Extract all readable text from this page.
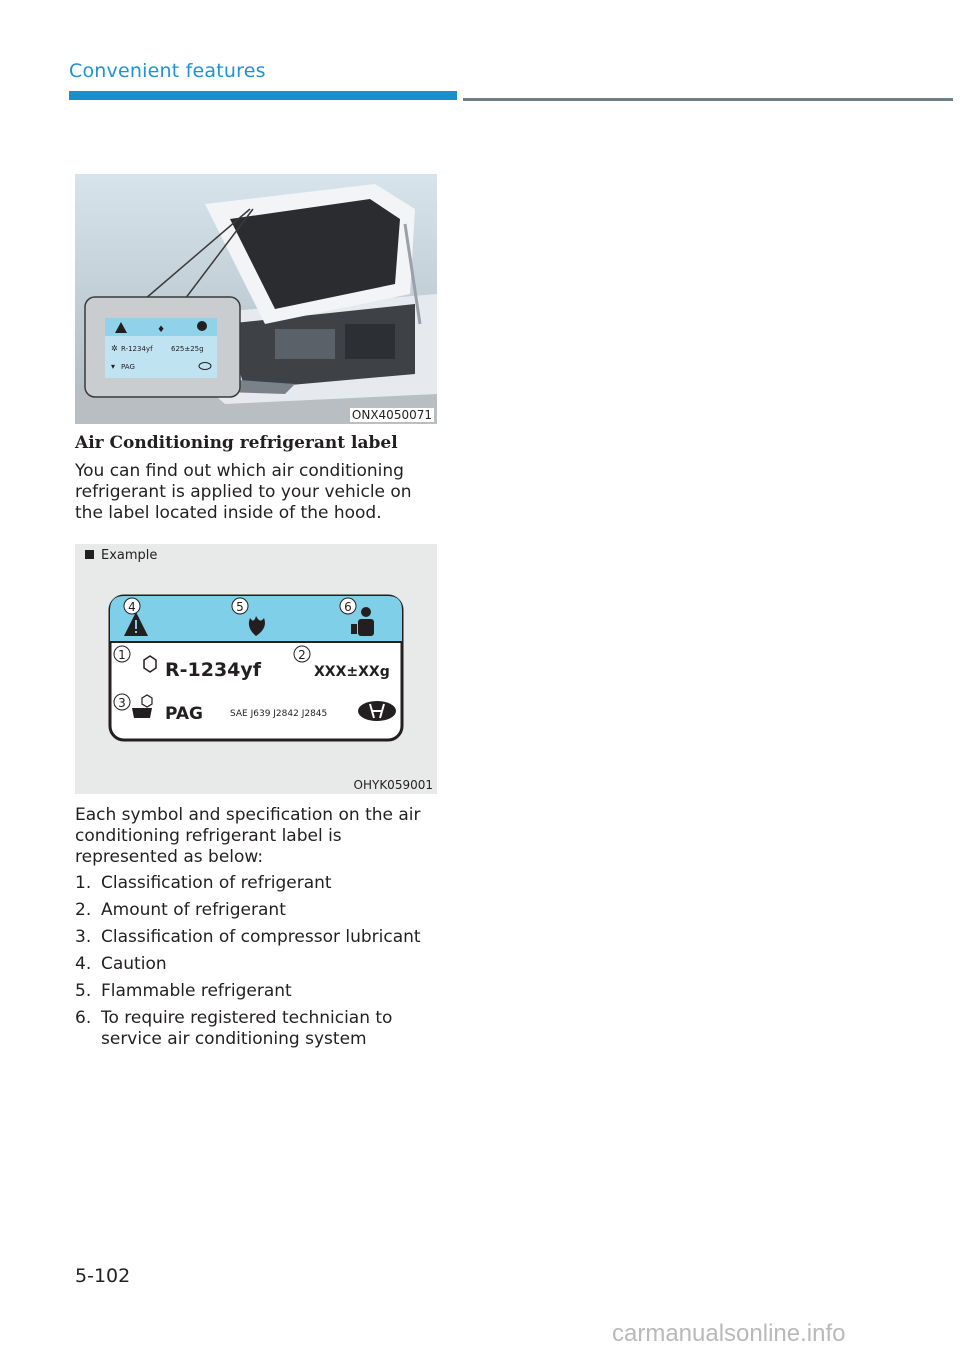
Convenient features
♦
✲ R-1234yf	625±25g
▾ PAG
ONX4050071
Air Conditioning refrigerant label
You can find out which air conditioning refrigerant is applied to your vehicle on the label located inside of the hood.
Example
4	5	6
1
R-1234yf
2
XXX±XXg
3
PAG	SAE J639 J2842 J2845
OHYK059001
Each symbol and specification on the air conditioning refrigerant label is represented as below:
1. Classification of refrigerant
2. Amount of refrigerant
3. Classification of compressor lubricant
4. Caution
5. Flammable refrigerant
6. To require registered technician to service air conditioning system
5-102
carmanualsonline.info
